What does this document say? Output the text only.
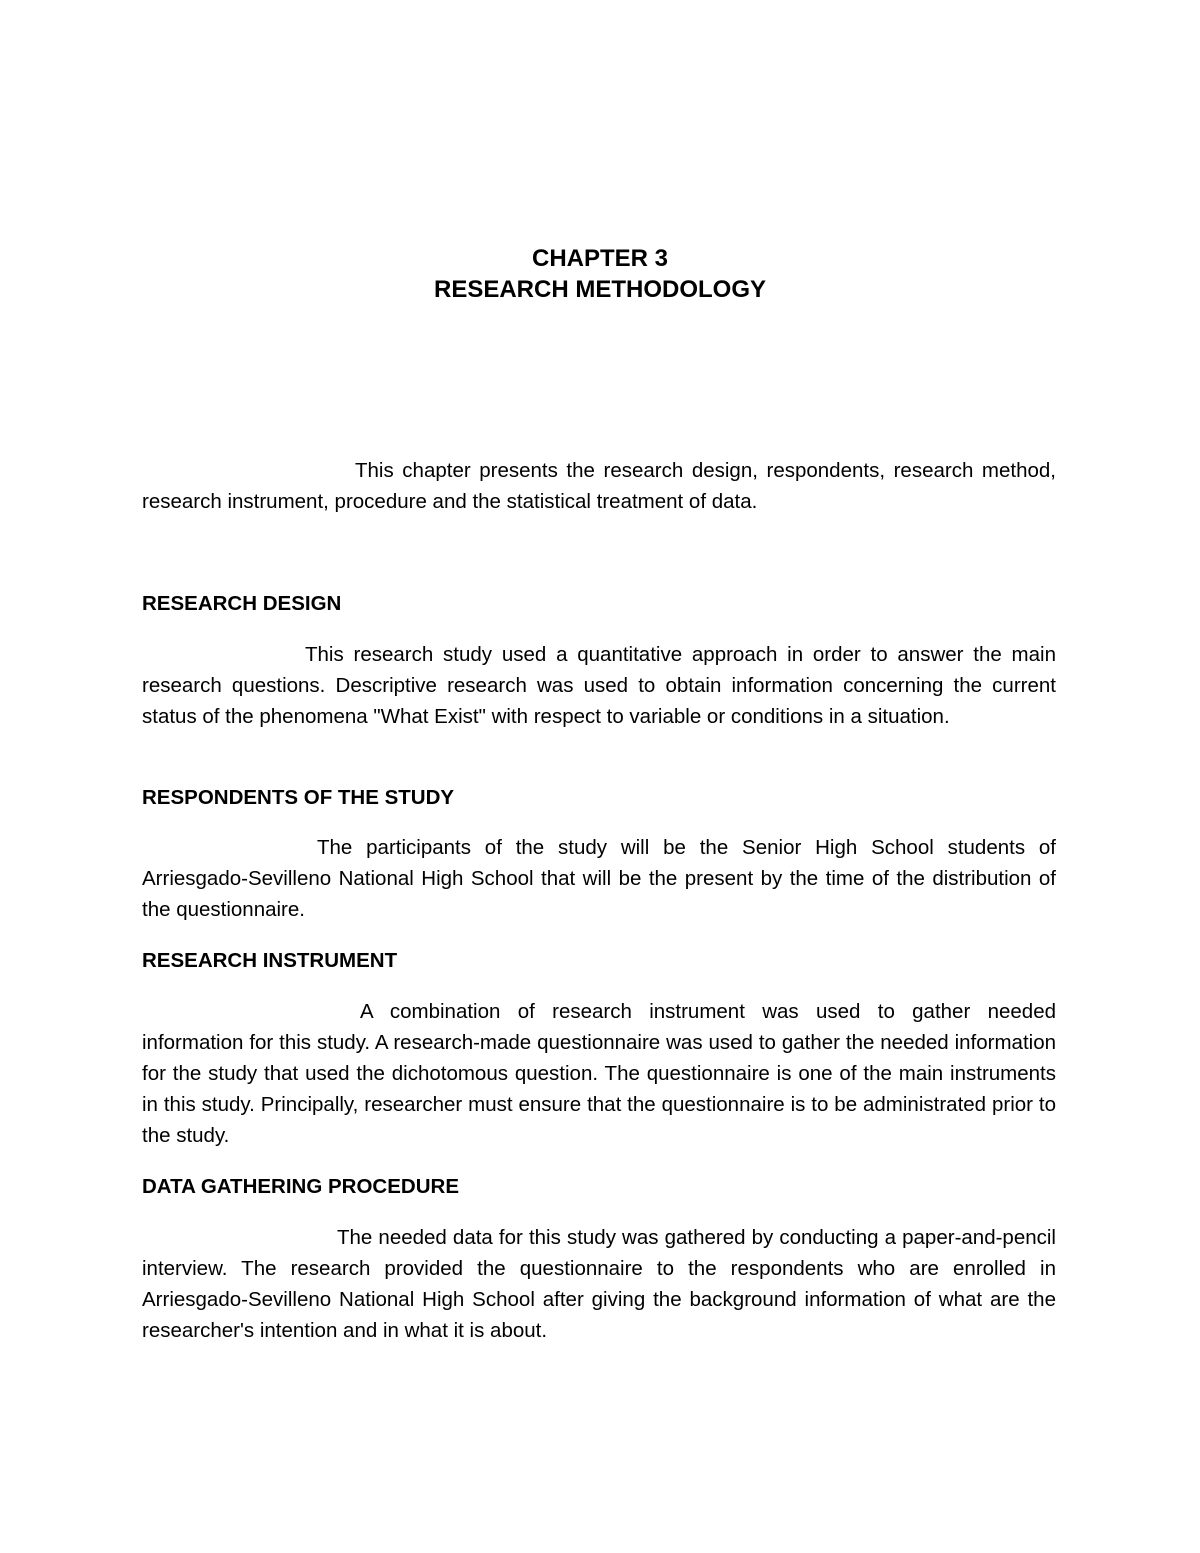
CHAPTER 3
RESEARCH METHODOLOGY

This chapter presents the research design, respondents, research method, research instrument, procedure and the statistical treatment of data.

RESEARCH DESIGN

This research study used a quantitative approach in order to answer the main research questions. Descriptive research was used to obtain information concerning the current status of the phenomena "What Exist" with respect to variable or conditions in a situation.

RESPONDENTS OF THE STUDY

The participants of the study will be the Senior High School students of Arriesgado-Sevilleno National High School that will be the present by the time of the distribution of the questionnaire.

RESEARCH INSTRUMENT

A combination of research instrument was used to gather needed information for this study. A research-made questionnaire was used to gather the needed information for the study that used the dichotomous question. The questionnaire is one of the main instruments in this study. Principally, researcher must ensure that the questionnaire is to be administrated prior to the study.

DATA GATHERING PROCEDURE

The needed data for this study was gathered by conducting a paper-and-pencil interview. The research provided the questionnaire to the respondents who are enrolled in Arriesgado-Sevilleno National High School after giving the background information of what are the researcher's intention and in what it is about.
